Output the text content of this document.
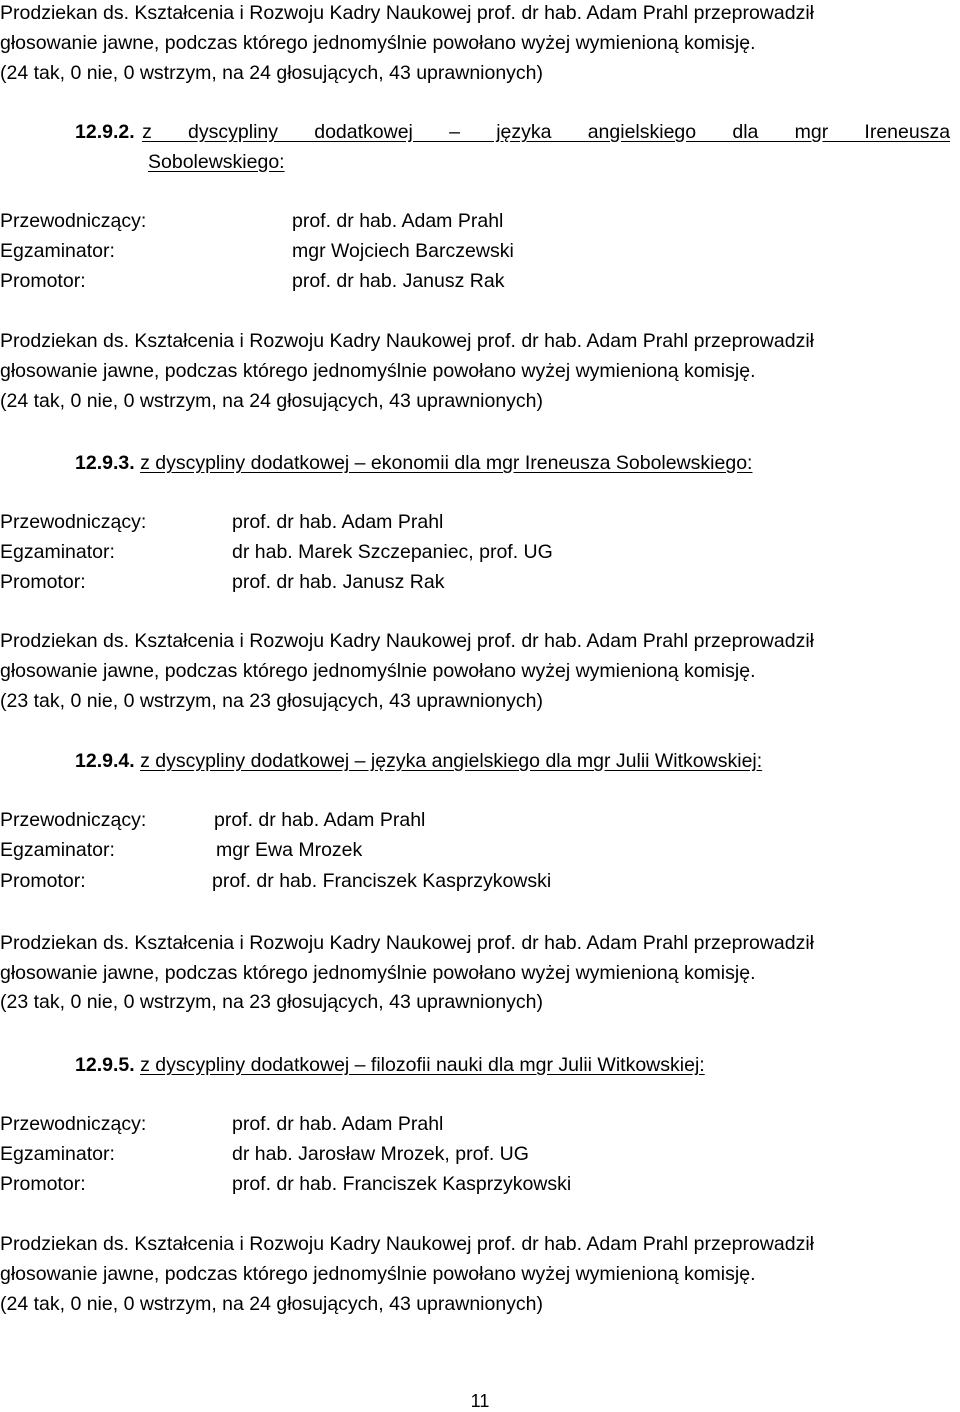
Prodziekan ds. Kształcenia i Rozwoju Kadry Naukowej prof. dr hab. Adam Prahl przeprowadził
głosowanie jawne, podczas którego jednomyślnie powołano wyżej wymienioną komisję.
(24 tak, 0 nie, 0 wstrzym, na 24 głosujących, 43 uprawnionych)
12.9.2. z dyscypliny dodatkowej – języka angielskiego dla mgr Ireneusza
Sobolewskiego:
Przewodniczący:	prof. dr hab. Adam Prahl
Egzaminator:	mgr Wojciech Barczewski
Promotor:	prof. dr hab. Janusz Rak
Prodziekan ds. Kształcenia i Rozwoju Kadry Naukowej prof. dr hab. Adam Prahl przeprowadził
głosowanie jawne, podczas którego jednomyślnie powołano wyżej wymienioną komisję.
(24 tak, 0 nie, 0 wstrzym, na 24 głosujących, 43 uprawnionych)
12.9.3. z dyscypliny dodatkowej – ekonomii dla mgr Ireneusza Sobolewskiego:
Przewodniczący:	prof. dr hab. Adam Prahl
Egzaminator:	dr hab. Marek Szczepaniec, prof. UG
Promotor:	prof. dr hab. Janusz Rak
Prodziekan ds. Kształcenia i Rozwoju Kadry Naukowej prof. dr hab. Adam Prahl przeprowadził
głosowanie jawne, podczas którego jednomyślnie powołano wyżej wymienioną komisję.
(23 tak, 0 nie, 0 wstrzym, na 23 głosujących, 43 uprawnionych)
12.9.4. z dyscypliny dodatkowej – języka angielskiego dla mgr Julii Witkowskiej:
Przewodniczący:	prof. dr hab. Adam Prahl
Egzaminator:	mgr Ewa Mrozek
Promotor:	prof. dr hab. Franciszek Kasprzykowski
Prodziekan ds. Kształcenia i Rozwoju Kadry Naukowej prof. dr hab. Adam Prahl przeprowadził
głosowanie jawne, podczas którego jednomyślnie powołano wyżej wymienioną komisję.
(23 tak, 0 nie, 0 wstrzym, na 23 głosujących, 43 uprawnionych)
12.9.5. z dyscypliny dodatkowej – filozofii nauki dla mgr Julii Witkowskiej:
Przewodniczący:	prof. dr hab. Adam Prahl
Egzaminator:	dr hab. Jarosław Mrozek, prof. UG
Promotor:	prof. dr hab. Franciszek Kasprzykowski
Prodziekan ds. Kształcenia i Rozwoju Kadry Naukowej prof. dr hab. Adam Prahl przeprowadził
głosowanie jawne, podczas którego jednomyślnie powołano wyżej wymienioną komisję.
(24 tak, 0 nie, 0 wstrzym, na 24 głosujących, 43 uprawnionych)
11
